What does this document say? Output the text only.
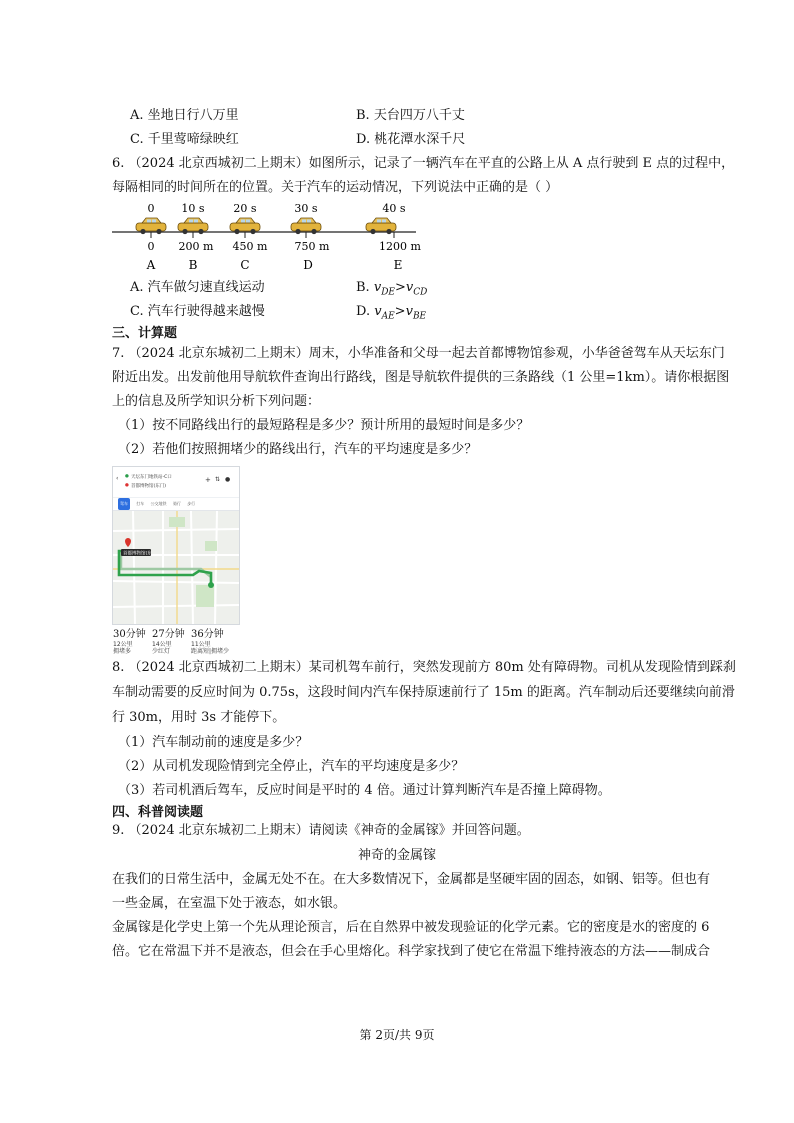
A. 坐地日行八万里	B. 天台四万八千丈
C. 千里莺啼绿映红	D. 桃花潭水深千尺
6. （2024 北京西城初二上期末）如图所示，记录了一辆汽车在平直的公路上从 A 点行驶到 E 点的过程中，
每隔相同的时间所在的位置。关于汽车的运动情况，下列说法中正确的是（ ）
0 10 s	20 s	30 s	40 s
0 200 m 450 m 750 m	1200 m
A	B	C	D	E
A. 汽车做匀速直线运动	B. $v_{DE}>v_{CD}$
C. 汽车行驶得越来越慢	D. $v_{AE}>v_{BE}$
三、计算题
7. （2024 北京东城初二上期末）周末，小华准备和父母一起去首都博物馆参观，小华爸爸驾车从天坛东门
附近出发。出发前他用导航软件查询出行路线，图是导航软件提供的三条路线（1 公里=1km）。请你根据图
上的信息及所学知识分析下列问题：
（1）按不同路线出行的最短路程是多少？预计所用的最短时间是多少？
（2）若他们按照拥堵少的路线出行，汽车的平均速度是多少？
‹ ● 天坛东门地铁站-C口
● 首都博物馆(东门)
+ ⇅ ●
驾车 打车 公交地铁 骑行 步行
首都博物馆(东
30分钟
12公里
拥堵多
27分钟
14公里
少红灯
36分钟
11公里
距离短|拥堵少
8. （2024 北京西城初二上期末）某司机驾车前行，突然发现前方 80m 处有障碍物。司机从发现险情到踩刹
车制动需要的反应时间为 0.75s，这段时间内汽车保持原速前行了 15m 的距离。汽车制动后还要继续向前滑
行 30m，用时 3s 才能停下。
（1）汽车制动前的速度是多少？
（2）从司机发现险情到完全停止，汽车的平均速度是多少？
（3）若司机酒后驾车，反应时间是平时的 4 倍。通过计算判断汽车是否撞上障碍物。
四、科普阅读题
9. （2024 北京东城初二上期末）请阅读《神奇的金属镓》并回答问题。
神奇的金属镓
在我们的日常生活中，金属无处不在。在大多数情况下，金属都是坚硬牢固的固态，如钢、铝等。但也有
一些金属，在室温下处于液态，如水银。
金属镓是化学史上第一个先从理论预言，后在自然界中被发现验证的化学元素。它的密度是水的密度的 6
倍。它在常温下并不是液态，但会在手心里熔化。科学家找到了使它在常温下维持液态的方法——制成合
第 2页/共 9页
